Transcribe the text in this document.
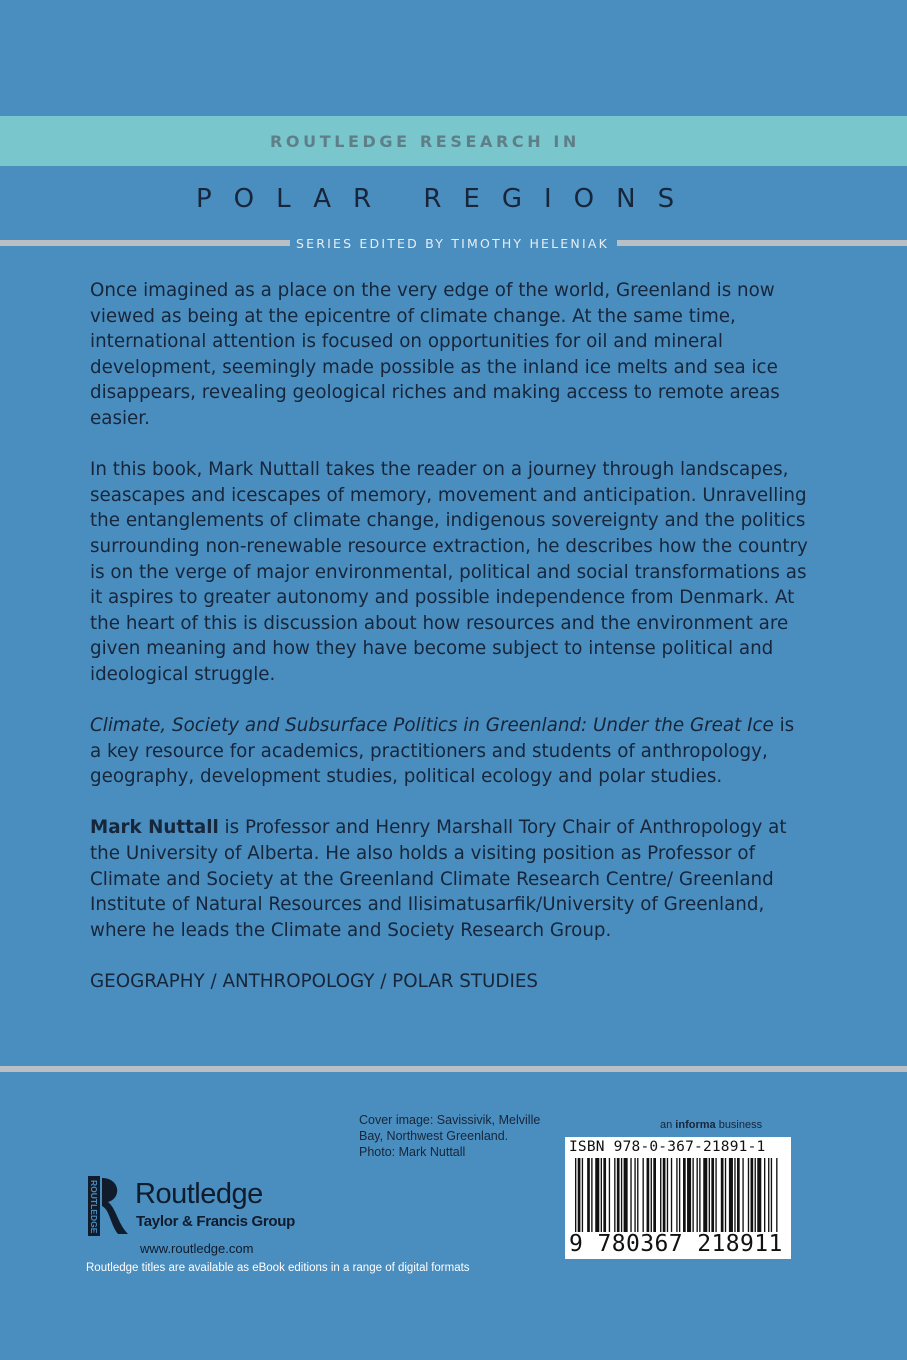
ROUTLEDGE RESEARCH IN
POLAR REGIONS
SERIES EDITED BY TIMOTHY HELENIAK

Once imagined as a place on the very edge of the world, Greenland is now viewed as being at the epicentre of climate change. At the same time, international attention is focused on opportunities for oil and mineral development, seemingly made possible as the inland ice melts and sea ice disappears, revealing geological riches and making access to remote areas easier.

In this book, Mark Nuttall takes the reader on a journey through landscapes, seascapes and icescapes of memory, movement and anticipation. Unravelling the entanglements of climate change, indigenous sovereignty and the politics surrounding non-renewable resource extraction, he describes how the country is on the verge of major environmental, political and social transformations as it aspires to greater autonomy and possible independence from Denmark. At the heart of this is discussion about how resources and the environment are given meaning and how they have become subject to intense political and ideological struggle.

Climate, Society and Subsurface Politics in Greenland: Under the Great Ice is a key resource for academics, practitioners and students of anthropology, geography, development studies, political ecology and polar studies.

Mark Nuttall is Professor and Henry Marshall Tory Chair of Anthropology at the University of Alberta. He also holds a visiting position as Professor of Climate and Society at the Greenland Climate Research Centre/ Greenland Institute of Natural Resources and Ilisimatusarfik/University of Greenland, where he leads the Climate and Society Research Group.

GEOGRAPHY / ANTHROPOLOGY / POLAR STUDIES

Cover image: Savissivik, Melville
Bay, Northwest Greenland.
Photo: Mark Nuttall
an informa business
ISBN 978-0-367-21891-1
9 780367 218911
ROUTLEDGE Routledge
Taylor & Francis Group
www.routledge.com
Routledge titles are available as eBook editions in a range of digital formats
